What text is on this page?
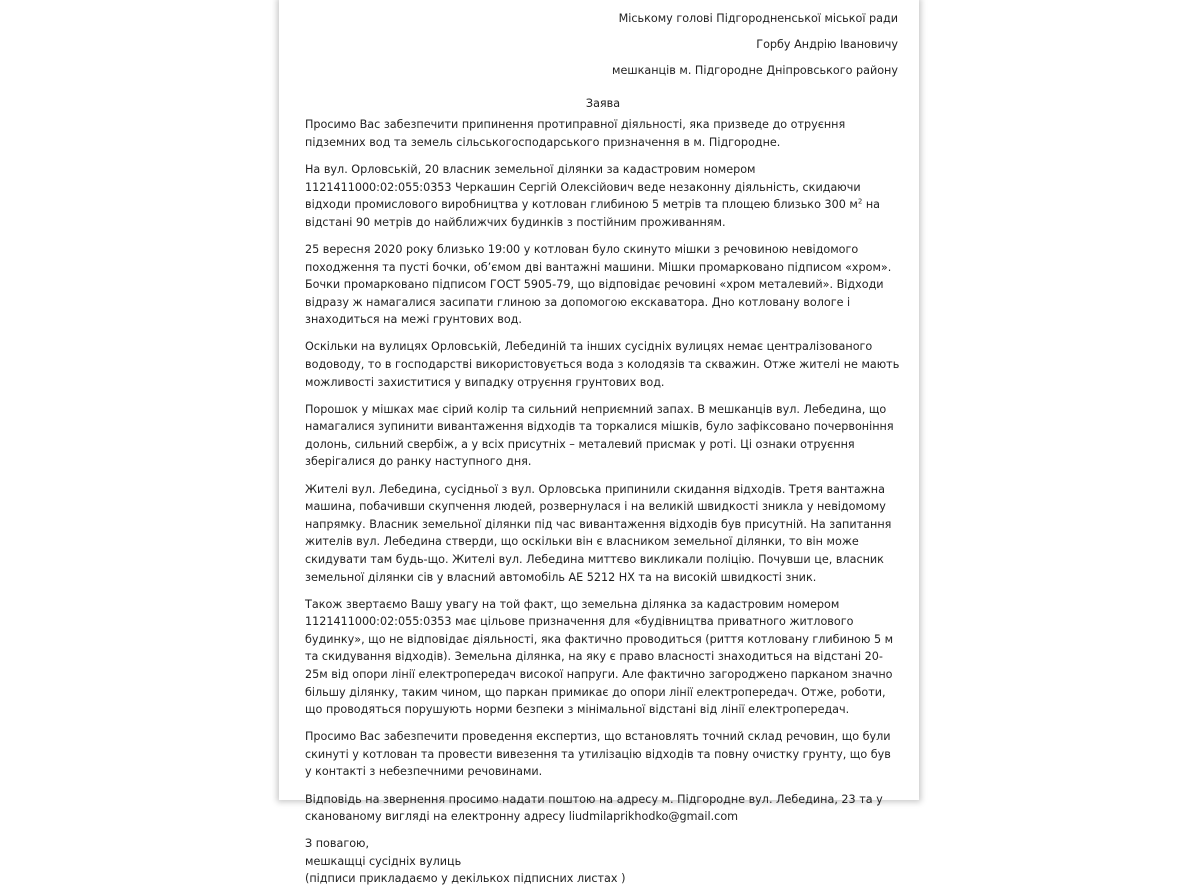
Міському голові Підгородненської міської ради
Горбу Андрію Івановичу
мешканців м. Підгородне Дніпровського району
Заява

Просимо Вас забезпечити припинення протиправної діяльності, яка призведе до отруєння підземних вод та земель сільськогосподарського призначення в м. Підгородне.

На вул. Орловській, 20 власник земельної ділянки за кадастровим номером 1121411000:02:055:0353 Черкашин Сергій Олексійович веде незаконну діяльність, скидаючи відходи промислового виробництва у котлован глибиною 5 метрів та площею близько 300 $м^2$ на відстані 90 метрів до найближчих будинків з постійним проживанням.

25 вересня 2020 року близько 19:00 у котлован було скинуто мішки з речовиною невідомого походження та пусті бочки, об’ємом дві вантажні машини. Мішки промарковано підписом «хром». Бочки промарковано підписом ГОСТ 5905-79, що відповідає речовині «хром металевий». Відходи відразу ж намагалися засипати глиною за допомогою екскаватора. Дно котловану вологе і знаходиться на межі грунтових вод.

Оскільки на вулицях Орловській, Лебединій та інших сусідніх вулицях немає централізованого водоводу, то в господарстві використовується вода з колодязів та скважин. Отже жителі не мають можливості захиститися у випадку отруєння грунтових вод.

Порошок у мішках має сірий колір та сильний неприємний запах. В мешканців вул. Лебедина, що намагалися зупинити вивантаження відходів та торкалися мішків, було зафіксовано почервоніння долонь, сильний свербіж, а у всіх присутніх – металевий присмак у роті. Ці ознаки отруєння зберігалися до ранку наступного дня.

Жителі вул. Лебедина, сусідньої з вул. Орловська припинили скидання відходів. Третя вантажна машина, побачивши скупчення людей, розвернулася і на великій швидкості зникла у невідомому напрямку. Власник земельної ділянки під час вивантаження відходів був присутній. На запитання жителів вул. Лебедина стверди, що оскільки він є власником земельної ділянки, то він може скидувати там будь-що. Жителі вул. Лебедина миттєво викликали поліцію. Почувши це, власник земельної ділянки сів у власний автомобіль АЕ 5212 НХ та на високій швидкості зник.

Також звертаємо Вашу увагу на той факт, що земельна ділянка за кадастровим номером 1121411000:02:055:0353 має цільове призначення для «будівництва приватного житлового будинку», що не відповідає діяльності, яка фактично проводиться (риття котловану глибиною 5 м та скидування відходів). Земельна ділянка, на яку є право власності знаходиться на відстані 20-25м від опори лінії електропередач високої напруги. Але фактично загороджено парканом значно більшу ділянку, таким чином, що паркан примикає до опори лінії електропередач. Отже, роботи, що проводяться порушують норми безпеки з мінімальної відстані від лінії електропередач.

Просимо Вас забезпечити проведення експертиз, що встановлять точний склад речовин, що були скинуті у котлован та провести вивезення та утилізацію відходів та повну очистку грунту, що був у контакті з небезпечними речовинами.

Відповідь на звернення просимо надати поштою на адресу м. Підгородне вул. Лебедина, 23 та у сканованому вигляді на електронну адресу liudmilaprikhodko@gmail.com

З повагою,
мешкащці сусідніх вулиць
(підписи прикладаємо у декількох підписних листах )
